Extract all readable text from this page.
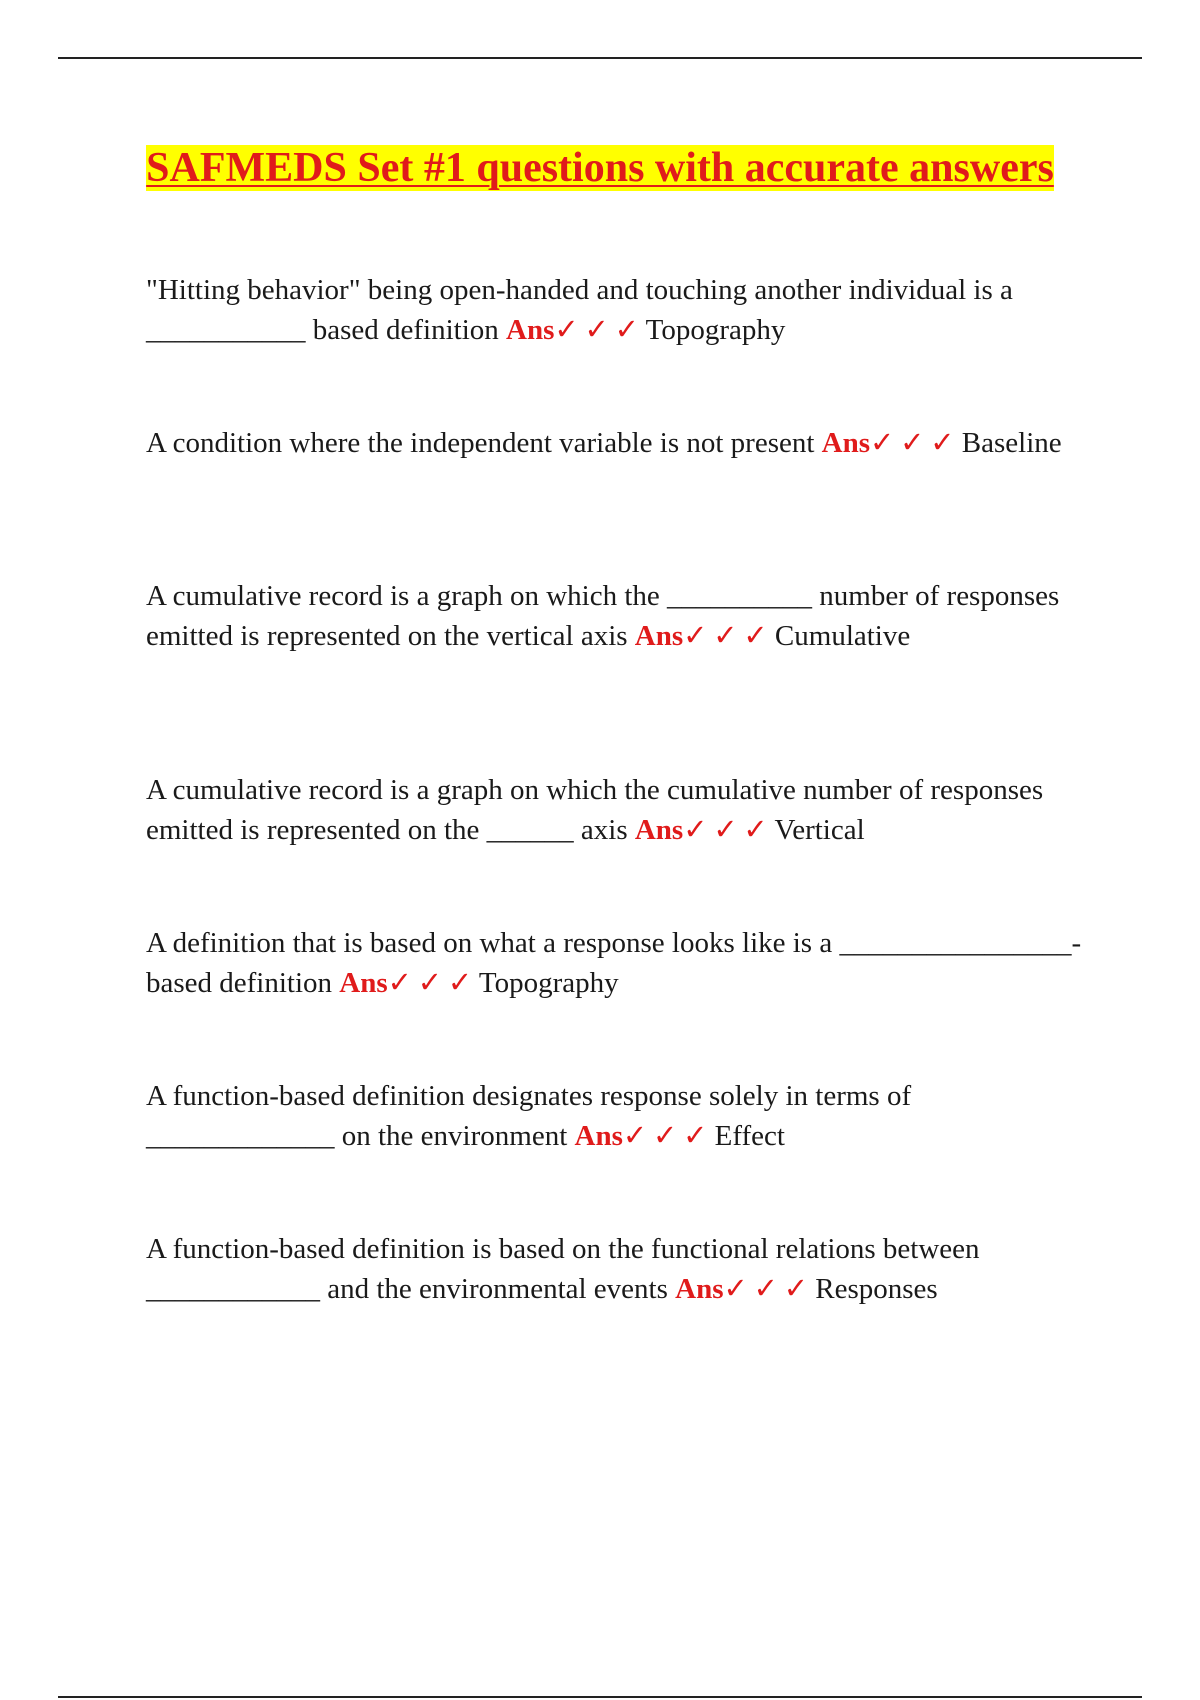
SAFMEDS Set #1 questions with accurate answers

"Hitting behavior" being open-handed and touching another individual is a ___________ based definition Ans✓ ✓ ✓ Topography

A condition where the independent variable is not present Ans✓ ✓ ✓ Baseline

A cumulative record is a graph on which the __________ number of responses emitted is represented on the vertical axis Ans✓ ✓ ✓ Cumulative

A cumulative record is a graph on which the cumulative number of responses emitted is represented on the ______ axis Ans✓ ✓ ✓ Vertical

A definition that is based on what a response looks like is a ________________-based definition Ans✓ ✓ ✓ Topography

A function-based definition designates response solely in terms of _____________ on the environment Ans✓ ✓ ✓ Effect

A function-based definition is based on the functional relations between ____________ and the environmental events Ans✓ ✓ ✓ Responses
